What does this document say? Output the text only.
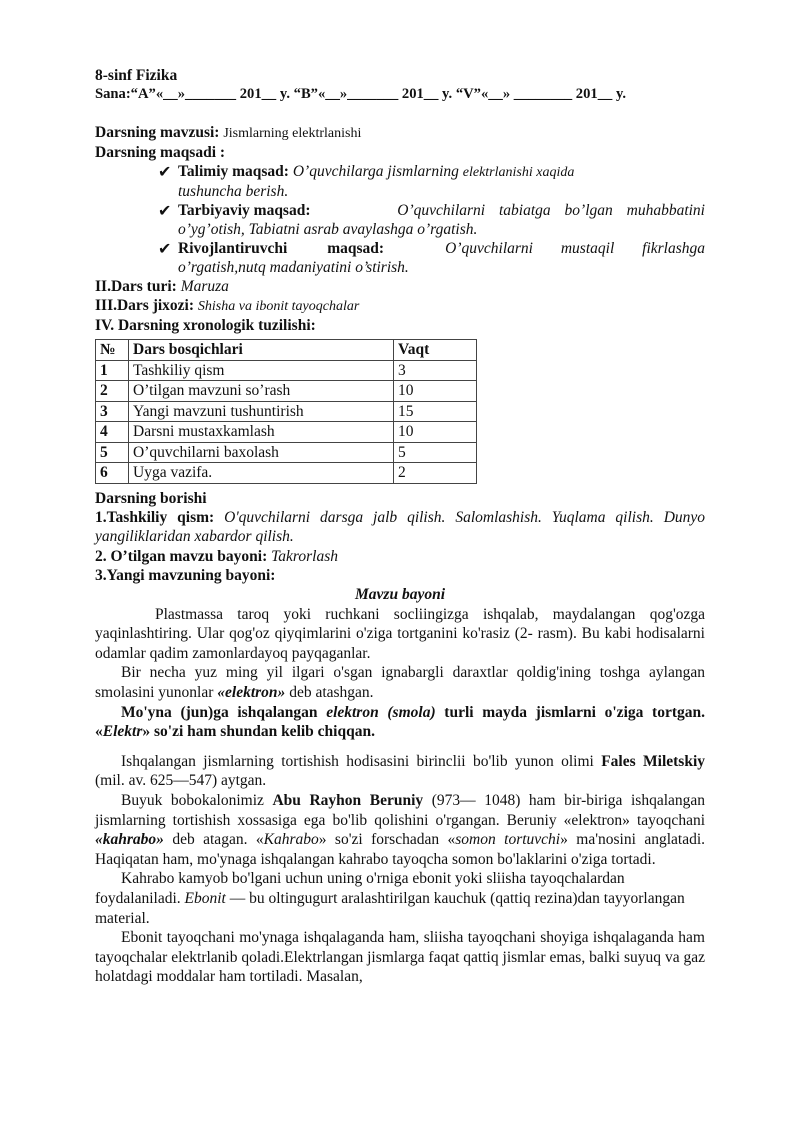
8-sinf Fizika
Sana:“A”«__»_______ 201__ y. “B”«__»_______ 201__ y. “V”«__» ________ 201__ y.
Darsning mavzusi: Jismlarning elektrlanishi
Darsning maqsadi :
✔ Talimiy maqsad: O’quvchilarga jismlarning elektrlanishi xaqida
tushuncha berish.
✔ Tarbiyaviy maqsad:	O’quvchilarni tabiatga bo’lgan muhabbatini
o’yg’otish, Tabiatni asrab avaylashga o’rgatish.
✔ Rivojlantiruvchi maqsad:	O’quvchilarni mustaqil fikrlashga
o’rgatish,nutq madaniyatini o’stirish.
II.Dars turi: Maruza
III.Dars jixozi: Shisha va ibonit tayoqchalar
IV. Darsning xronologik tuzilishi:
№	Dars bosqichlari	Vaqt
1	Tashkiliy qism	3
2	O’tilgan mavzuni so’rash	10
3	Yangi mavzuni tushuntirish	15
4	Darsni mustaxkamlash	10
5	O’quvchilarni baxolash	5
6	Uyga vazifa.	2
Darsning borishi
1.Tashkiliy qism: O'quvchilarni darsga jalb qilish. Salomlashish. Yuqlama qilish. Dunyo yangiliklaridan xabardor qilish.
2. O’tilgan mavzu bayoni: Takrorlash
3.Yangi mavzuning bayoni:
Mavzu bayoni
Plastmassa taroq yoki ruchkani socliingizga ishqalab, maydalangan qog'ozga yaqinlashtiring. Ular qog'oz qiyqimlarini o'ziga tortganini ko'rasiz (2- rasm). Bu kabi hodisalarni odamlar qadim zamonlardayoq payqaganlar.
Bir necha yuz ming yil ilgari o'sgan ignabargli daraxtlar qoldig'ining toshga aylangan smolasini yunonlar «elektron» deb atashgan.
Mo'yna (jun)ga ishqalangan elektron (smola) turli mayda jismlarni o'ziga tortgan. «Elektr» so'zi ham shundan kelib chiqqan.
Ishqalangan jismlarning tortishish hodisasini birinclii bo'lib yunon olimi Fales Miletskiy (mil. av. 625—547) aytgan.
Buyuk bobokalonimiz Abu Rayhon Beruniy (973— 1048) ham bir-biriga ishqalangan jismlarning tortishish xossasiga ega bo'lib qolishini o'rgangan. Beruniy «elektron» tayoqchani «kahrabo» deb atagan. «Kahrabo» so'zi forschadan «somon tortuvchi» ma'nosini anglatadi. Haqiqatan ham, mo'ynaga ishqalangan kahrabo tayoqcha somon bo'laklarini o'ziga tortadi.
Kahrabo kamyob bo'lgani uchun uning o'rniga ebonit yoki sliisha tayoqchalardan foydalaniladi. Ebonit — bu oltingugurt aralashtirilgan kauchuk (qattiq rezina)dan tayyorlangan material.
Ebonit tayoqchani mo'ynaga ishqalaganda ham, sliisha tayoqchani shoyiga ishqalaganda ham tayoqchalar elektrlanib qoladi.Elektrlangan jismlarga faqat qattiq jismlar emas, balki suyuq va gaz holatdagi moddalar ham tortiladi. Masalan,
